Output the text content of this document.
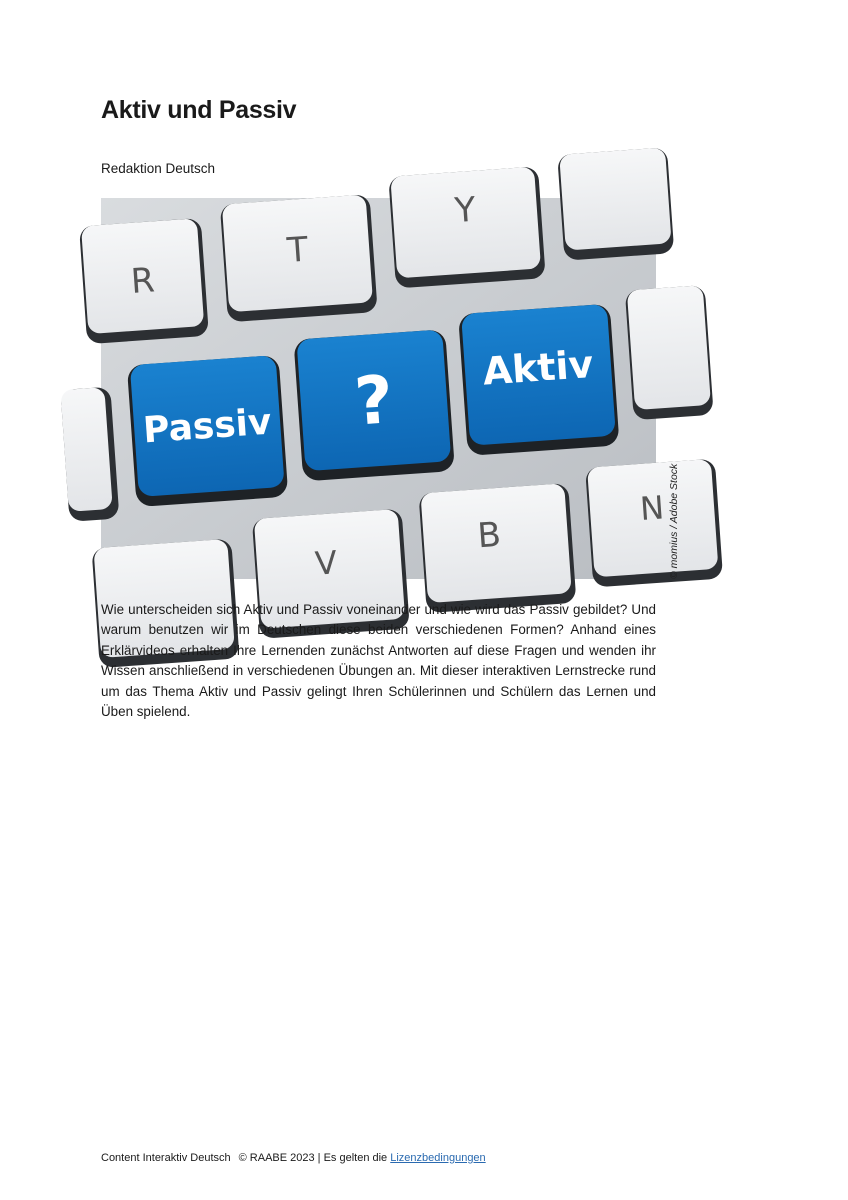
Aktiv und Passiv
Redaktion Deutsch
R
T
Y
Passiv ? Aktiv
V
B
N © momius / Adobe Stock

Wie unterscheiden sich Aktiv und Passiv voneinander und wie wird das Passiv gebildet? Und warum benutzen wir im Deutschen diese beiden verschiedenen Formen? Anhand eines Erklärvideos erhalten Ihre Lernenden zunächst Antworten auf diese Fragen und wenden ihr Wissen anschließend in verschiedenen Übungen an. Mit dieser interaktiven Lernstrecke rund um das Thema Aktiv und Passiv gelingt Ihren Schülerinnen und Schülern das Lernen und Üben spielend.

Content Interaktiv Deutsch © RAABE 2023 | Es gelten die Lizenzbedingungen
